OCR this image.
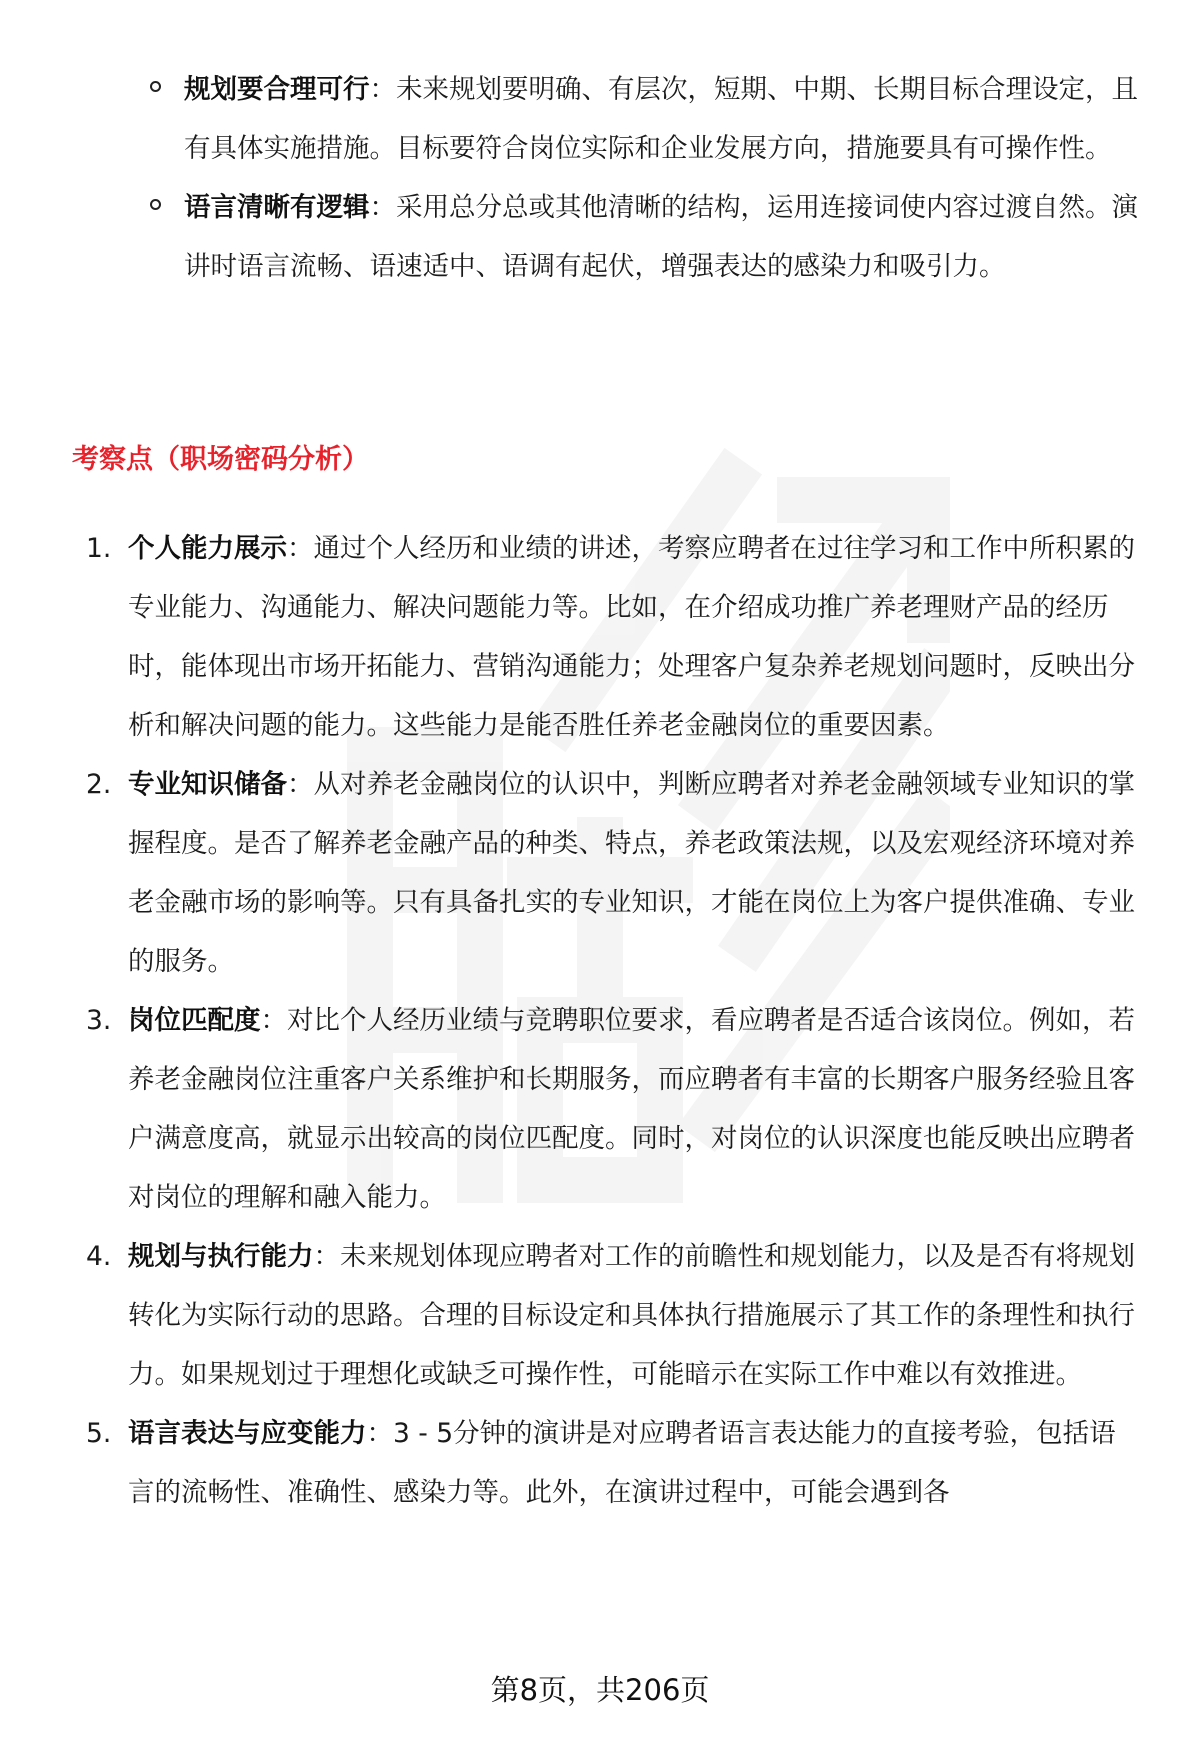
规划要合理可行：未来规划要明确、有层次，短期、中期、长期目标合理设定，且有具体实施措施。目标要符合岗位实际和企业发展方向，措施要具有可操作性。
语言清晰有逻辑：采用总分总或其他清晰的结构，运用连接词使内容过渡自然。演讲时语言流畅、语速适中、语调有起伏，增强表达的感染力和吸引力。
考察点（职场密码分析）
1. 个人能力展示：通过个人经历和业绩的讲述，考察应聘者在过往学习和工作中所积累的专业能力、沟通能力、解决问题能力等。比如，在介绍成功推广养老理财产品的经历时，能体现出市场开拓能力、营销沟通能力；处理客户复杂养老规划问题时，反映出分析和解决问题的能力。这些能力是能否胜任养老金融岗位的重要因素。
2. 专业知识储备：从对养老金融岗位的认识中，判断应聘者对养老金融领域专业知识的掌握程度。是否了解养老金融产品的种类、特点，养老政策法规，以及宏观经济环境对养老金融市场的影响等。只有具备扎实的专业知识，才能在岗位上为客户提供准确、专业的服务。
3. 岗位匹配度：对比个人经历业绩与竞聘职位要求，看应聘者是否适合该岗位。例如，若养老金融岗位注重客户关系维护和长期服务，而应聘者有丰富的长期客户服务经验且客户满意度高，就显示出较高的岗位匹配度。同时，对岗位的认识深度也能反映出应聘者对岗位的理解和融入能力。
4. 规划与执行能力：未来规划体现应聘者对工作的前瞻性和规划能力，以及是否有将规划转化为实际行动的思路。合理的目标设定和具体执行措施展示了其工作的条理性和执行力。如果规划过于理想化或缺乏可操作性，可能暗示在实际工作中难以有效推进。
5. 语言表达与应变能力：3 - 5分钟的演讲是对应聘者语言表达能力的直接考验，包括语言的流畅性、准确性、感染力等。此外，在演讲过程中，可能会遇到各
第8页，共206页
